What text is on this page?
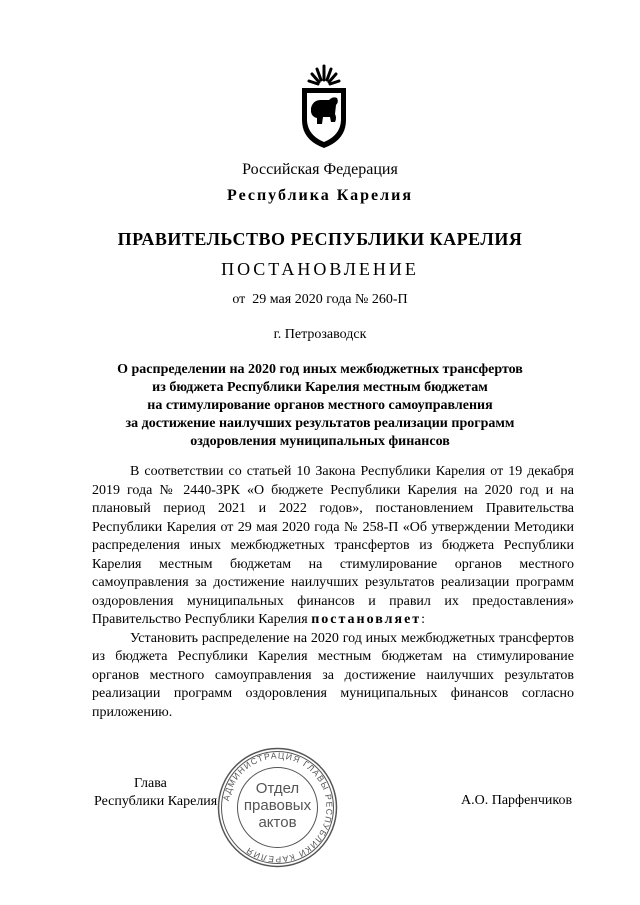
Российская Федерация
Республика Карелия
ПРАВИТЕЛЬСТВО РЕСПУБЛИКИ КАРЕЛИЯ
ПОСТАНОВЛЕНИЕ
от  29 мая 2020 года № 260-П
г. Петрозаводск
О распределении на 2020 год иных межбюджетных трансфертов
из бюджета Республики Карелия местным бюджетам
на стимулирование органов местного самоуправления
за достижение наилучших результатов реализации программ
оздоровления муниципальных финансов

В соответствии со статьей 10 Закона Республики Карелия от 19 декабря 2019 года № 2440-ЗРК «О бюджете Республики Карелия на 2020 год и на плановый период 2021 и 2022 годов», постановлением Правительства Республики Карелия от 29 мая 2020 года № 258-П «Об утверждении Методики распределения иных межбюджетных трансфертов из бюджета Республики Карелия местным бюджетам на стимулирование органов местного самоуправления за достижение наилучших результатов реализации программ оздоровления муниципальных финансов и правил их предоставления» Правительство Республики Карелия постановляет:

Установить распределение на 2020 год иных межбюджетных трансфертов из бюджета Республики Карелия местным бюджетам на стимулирование органов местного самоуправления за достижение наилучших результатов реализации программ оздоровления муниципальных финансов согласно приложению.

Глава
Республики Карелия	А.О. Парфенчиков
АДМИНИСТРАЦИЯ ГЛАВЫ РЕСПУБЛИКИ КАРЕЛИЯ
Отдел
правовых
актов
